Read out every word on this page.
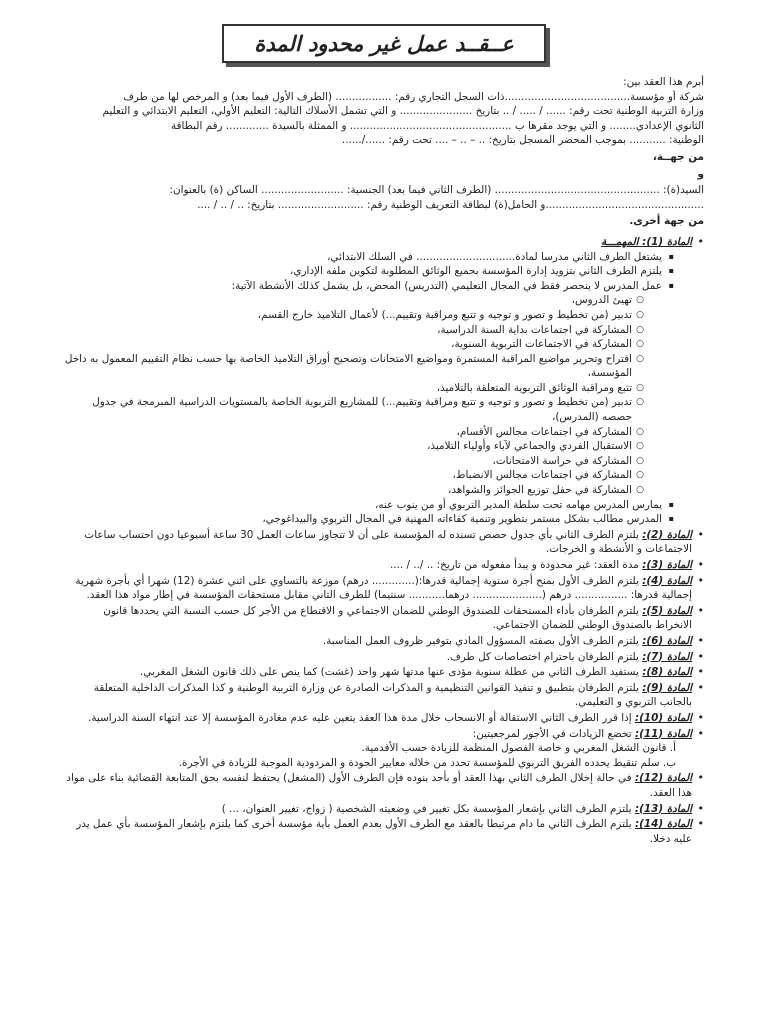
عــقــد عمل غير محدود المدة
أبرم هذا العقد بين:
شركة أو مؤسسة......................................ذات السجل التجاري رقم: ................. (الطرف الأول فيما بعد) و المرخص لها من طرف
وزارة التربية الوطنية تحت رقم: ...... / ..... / .. بتاريخ ...................... و التي تشمل الأسلاك التالية: التعليم الأولي، التعليم الابتدائي و التعليم
الثانوي الإعدادي........ و التي يوجد مقرها ب ................................................. و الممثلة بالسيدة ............. رقم البطاقة
الوطنية: ........... بموجب المحضر المسجل بتاريخ: .. – .. – .... تحت رقم: ....../......
من جهــة،
و
السيد(ة): .................................................. (الطرف الثاني فيما بعد) الجنسية: ......................... الساكن (ة) بالعنوان:
................................................و الحامل(ة) لبطاقة التعريف الوطنية رقم: .......................... بتاريخ: .. / .. / ....
من جهة أخرى.
• المادة (1): المهمـــة
▪ يشتغل الطرف الثاني مدرسا لمادة.............................. في السلك الابتدائي،
▪ يلتزم الطرف الثاني بتزويد إدارة المؤسسة بجميع الوثائق المطلوبة لتكوين ملفه الإداري،
▪ عمل المدرس لا ينحصر فقط في المجال التعليمي (التدريس) المحض، بل يشمل كذلك الأنشطة الآتية:
○ تهيئ الدروس،
○ تدبير (من تخطيط و تصور و توجيه و تتبع ومراقبة وتقييم...) لأعمال التلاميذ خارج القسم،
○ المشاركة في اجتماعات بداية السنة الدراسية،
○ المشاركة في الاجتماعات التربوية السنوية،
○ اقتراح وتحرير مواضيع المراقبة المستمرة ومواضيع الامتحانات وتصحيح أوراق التلاميذ الخاصة بها حسب نظام التقييم المعمول به داخل المؤسسة،
○ تتبع ومراقبة الوثائق التربوية المتعلقة بالتلاميذ،
○ تدبير (من تخطيط و تصور و توجيه و تتبع ومراقبة وتقييم...) للمشاريع التربوية الخاصة بالمستويات الدراسية المبرمجة في جدول حصصه (المدرس)،
○ المشاركة في اجتماعات مجالس الأقسام،
○ الاستقبال الفردي والجماعي لآباء وأولياء التلاميذ،
○ المشاركة في حراسة الامتحانات،
○ المشاركة في اجتماعات مجالس الانضباط،
○ المشاركة في حفل توزيع الجوائز والشواهد،
▪ يمارس المدرس مهامه تحت سلطة المدير التربوي أو من ينوب عنه،
▪ المدرس مطالب بشكل مستمر بتطوير وتنمية كفاءاته المهنية في المجال التربوي والبيداغوجي،
• المادة (2): يلتزم الطرف الثاني بأي جدول حصص تسنده له المؤسسة على أن لا تتجاوز ساعات العمل 30 ساعة أسبوعيا دون احتساب ساعات الاجتماعات و الأنشطة و الخرجات.
• المادة (3): مدة العقد: غير محدودة و يبدأ مفعوله من تاريخ: .. /.. / ....
• المادة (4): يلتزم الطرف الأول بمنح أجرة سنوية إجمالية قدرها:(............. درهم) موزعة بالتساوي على اثني عشرة (12) شهرا أي بأجرة شهرية إجمالية قدرها: ................ درهم (..................... درهما........... سنتيما) للطرف الثاني مقابل مستحقات المؤسسة في إطار مواد هذا العقد.
• المادة (5): يلتزم الطرفان بأداء المستحقات للصندوق الوطني للضمان الاجتماعي و الاقتطاع من الأجر كل حسب النسبة التي يحددها قانون الانخراط بالصندوق الوطني للضمان الاجتماعي.
• المادة (6): يلتزم الطرف الأول بصفته المسؤول المادي بتوفير ظروف العمل المناسبة.
• المادة (7): يلتزم الطرفان باحترام اختصاصات كل طرف.
• المادة (8): يستفيد الطرف الثاني من عطلة سنوية مؤدى عنها مدتها شهر واحد (غشت) كما ينص على ذلك قانون الشغل المغربي.
• المادة (9): يلتزم الطرفان بتطبيق و تنفيذ القوانين التنظيمية و المذكرات الصادرة عن وزارة التربية الوطنية و كذا المذكرات الداخلية المتعلقة بالجانب التربوي و التعليمي.
• المادة (10): إذا قرر الطرف الثاني الاستقالة أو الانسحاب خلال مدة هذا العقد يتعين عليه عدم مغادرة المؤسسة إلا عند انتهاء السنة الدراسية.
• المادة (11): تخضع الزيادات في الأجور لمرجعيتين:
أ. قانون الشغل المغربي و خاصة الفصول المنظمة للزيادة حسب الأقدمية.
ب. سلم تنقيط يحدده الفريق التربوي للمؤسسة تحدد من خلاله معايير الجودة و المردودية الموجبة للزيادة في الأجرة.
• المادة (12): في حالة إخلال الطرف الثاني بهذا العقد أو بأحد بنوده فإن الطرف الأول (المشغل) يحتفظ لنفسه بحق المتابعة القضائية بناء على مواد هذا العقد.
• المادة (13): يلتزم الطرف الثاني بإشعار المؤسسة بكل تغيير في وضعيته الشخصية ( زواج، تغيير العنوان، ... )
• المادة (14): يلتزم الطرف الثاني ما دام مرتبطا بالعقد مع الطرف الأول بعدم العمل بأية مؤسسة أخرى كما يلتزم بإشعار المؤسسة بأي عمل يدر عليه دخلا.
